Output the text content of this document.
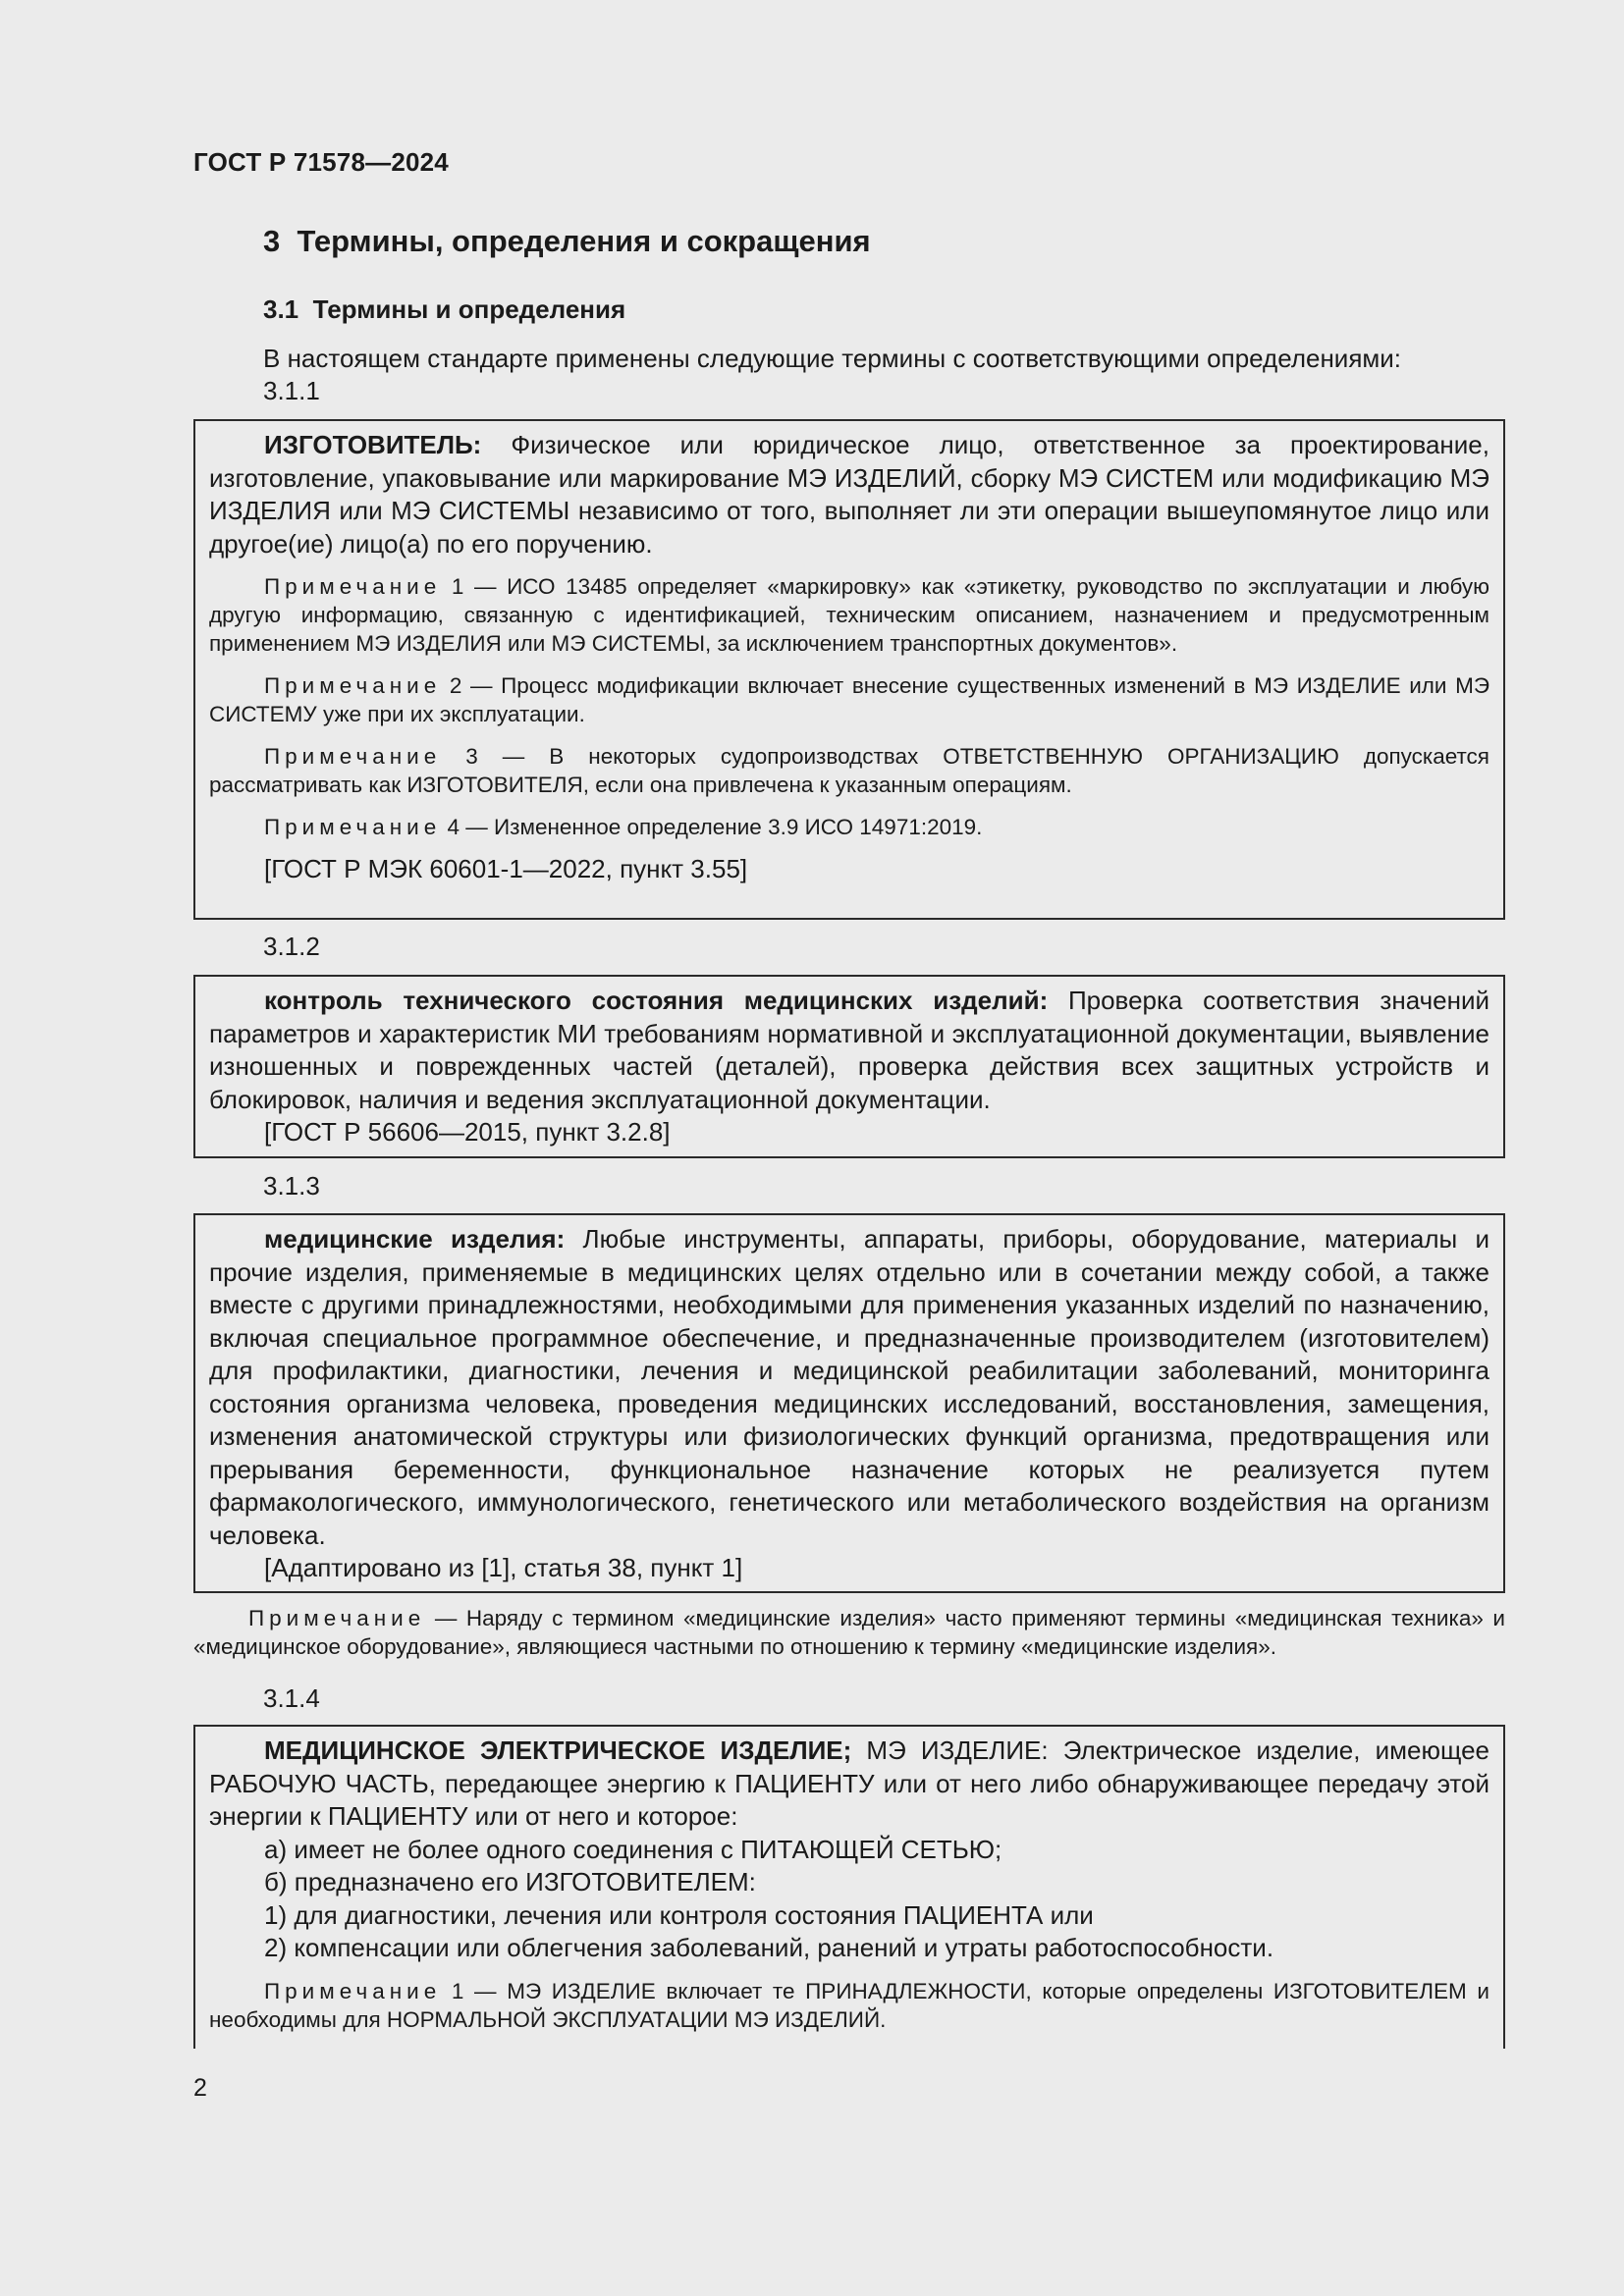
ГОСТ Р 71578—2024
3 Термины, определения и сокращения
3.1 Термины и определения
В настоящем стандарте применены следующие термины с соответствующими определениями:
3.1.1

ИЗГОТОВИТЕЛЬ: Физическое или юридическое лицо, ответственное за проектирование, изготовление, упаковывание или маркирование МЭ ИЗДЕЛИЙ, сборку МЭ СИСТЕМ или модификацию МЭ ИЗДЕЛИЯ или МЭ СИСТЕМЫ независимо от того, выполняет ли эти операции вышеупомянутое лицо или другое(ие) лицо(а) по его поручению.

Примечание 1 — ИСО 13485 определяет «маркировку» как «этикетку, руководство по эксплуатации и любую другую информацию, связанную с идентификацией, техническим описанием, назначением и предусмотренным применением МЭ ИЗДЕЛИЯ или МЭ СИСТЕМЫ, за исключением транспортных документов».

Примечание 2 — Процесс модификации включает внесение существенных изменений в МЭ ИЗДЕЛИЕ или МЭ СИСТЕМУ уже при их эксплуатации.

Примечание 3 — В некоторых судопроизводствах ОТВЕТСТВЕННУЮ ОРГАНИЗАЦИЮ допускается рассматривать как ИЗГОТОВИТЕЛЯ, если она привлечена к указанным операциям.

Примечание 4 — Измененное определение 3.9 ИСО 14971:2019.

[ГОСТ Р МЭК 60601-1—2022, пункт 3.55]

3.1.2

контроль технического состояния медицинских изделий: Проверка соответствия значений параметров и характеристик МИ требованиям нормативной и эксплуатационной документации, выявление изношенных и поврежденных частей (деталей), проверка действия всех защитных устройств и блокировок, наличия и ведения эксплуатационной документации.

[ГОСТ Р 56606—2015, пункт 3.2.8]

3.1.3

медицинские изделия: Любые инструменты, аппараты, приборы, оборудование, материалы и прочие изделия, применяемые в медицинских целях отдельно или в сочетании между собой, а также вместе с другими принадлежностями, необходимыми для применения указанных изделий по назначению, включая специальное программное обеспечение, и предназначенные производителем (изготовителем) для профилактики, диагностики, лечения и медицинской реабилитации заболеваний, мониторинга состояния организма человека, проведения медицинских исследований, восстановления, замещения, изменения анатомической структуры или физиологических функций организма, предотвращения или прерывания беременности, функциональное назначение которых не реализуется путем фармакологического, иммунологического, генетического или метаболического воздействия на организм человека.

[Адаптировано из [1], статья 38, пункт 1]

Примечание — Наряду с термином «медицинские изделия» часто применяют термины «медицинская техника» и «медицинское оборудование», являющиеся частными по отношению к термину «медицинские изделия».

3.1.4

МЕДИЦИНСКОЕ ЭЛЕКТРИЧЕСКОЕ ИЗДЕЛИЕ; МЭ ИЗДЕЛИЕ: Электрическое изделие, имеющее РАБОЧУЮ ЧАСТЬ, передающее энергию к ПАЦИЕНТУ или от него либо обнаруживающее передачу этой энергии к ПАЦИЕНТУ или от него и которое:

а) имеет не более одного соединения с ПИТАЮЩЕЙ СЕТЬЮ;

б) предназначено его ИЗГОТОВИТЕЛЕМ:

1) для диагностики, лечения или контроля состояния ПАЦИЕНТА или

2) компенсации или облегчения заболеваний, ранений и утраты работоспособности.

Примечание 1 — МЭ ИЗДЕЛИЕ включает те ПРИНАДЛЕЖНОСТИ, которые определены ИЗГОТОВИТЕЛЕМ и необходимы для НОРМАЛЬНОЙ ЭКСПЛУАТАЦИИ МЭ ИЗДЕЛИЙ.

2
